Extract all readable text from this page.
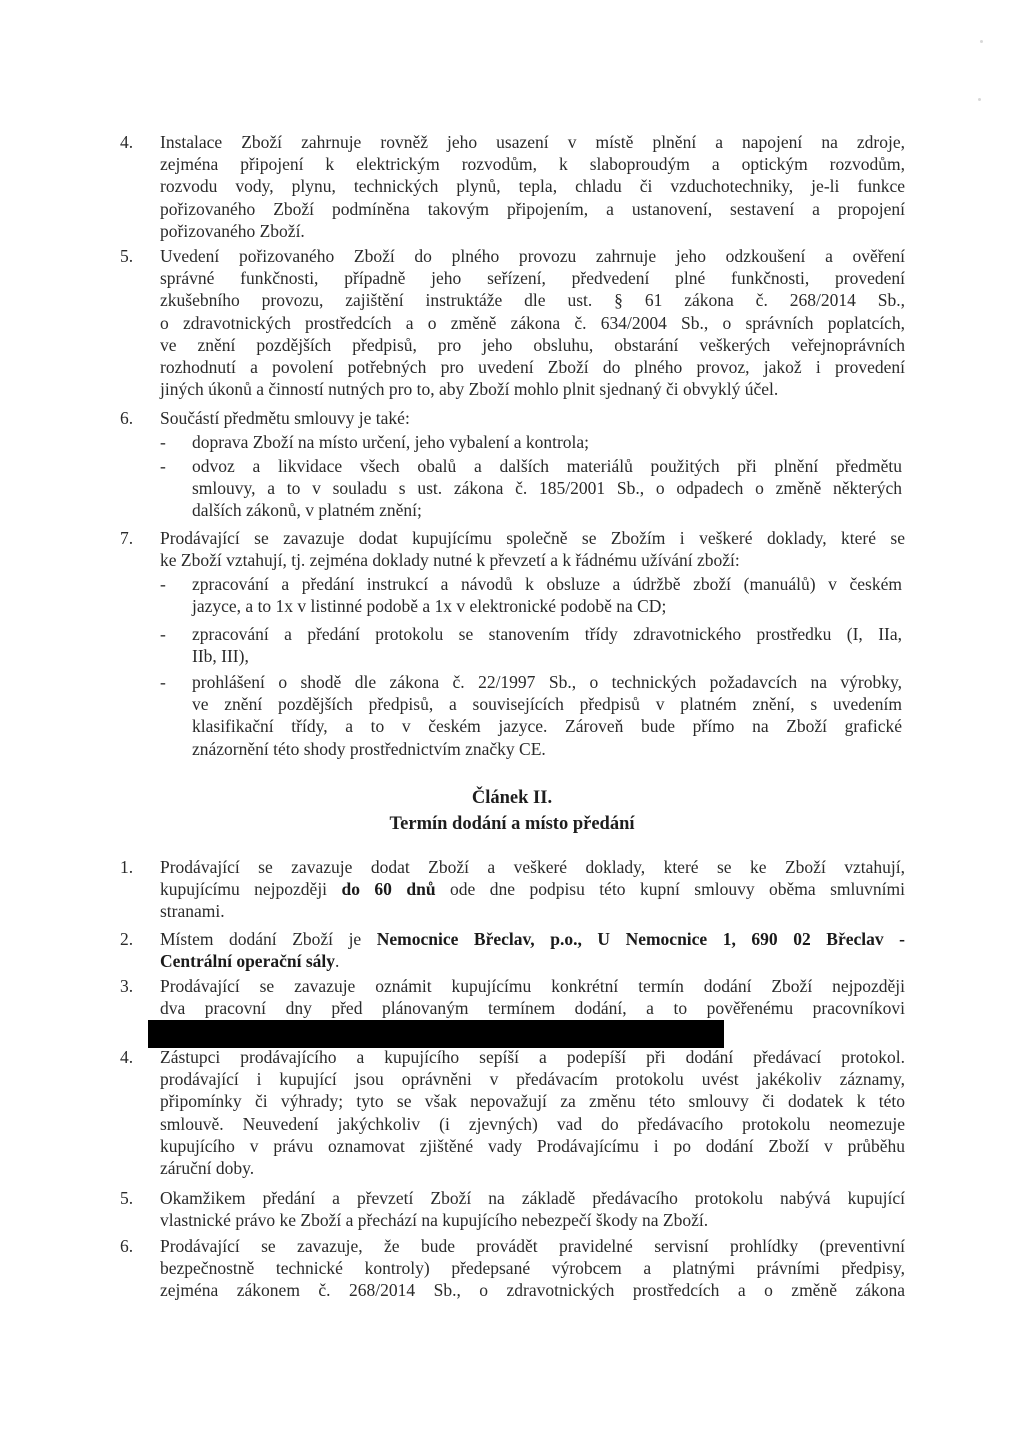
4.	Instalace Zboží zahrnuje rovněž jeho usazení v místě plnění a napojení na zdroje,
zejména připojení k elektrickým rozvodům, k slaboproudým a optickým rozvodům,
rozvodu vody, plynu, technických plynů, tepla, chladu či vzduchotechniky, je-li funkce
pořizovaného Zboží podmíněna takovým připojením, a ustanovení, sestavení a propojení
pořizovaného Zboží.
5.	Uvedení pořizovaného Zboží do plného provozu zahrnuje jeho odzkoušení a ověření
správné funkčnosti, případně jeho seřízení, předvedení plné funkčnosti, provedení
zkušebního provozu, zajištění instruktáže dle ust. § 61 zákona č. 268/2014 Sb.,
o zdravotnických prostředcích a o změně zákona č. 634/2004 Sb., o správních poplatcích,
ve znění pozdějších předpisů, pro jeho obsluhu, obstarání veškerých veřejnoprávních
rozhodnutí a povolení potřebných pro uvedení Zboží do plného provoz, jakož i provedení
jiných úkonů a činností nutných pro to, aby Zboží mohlo plnit sjednaný či obvyklý účel.
6.	Součástí předmětu smlouvy je také:
- doprava Zboží na místo určení, jeho vybalení a kontrola;
- odvoz a likvidace všech obalů a dalších materiálů použitých při plnění předmětu
smlouvy, a to v souladu s ust. zákona č. 185/2001 Sb., o odpadech o změně některých
dalších zákonů, v platném znění;
7.	Prodávající se zavazuje dodat kupujícímu společně se Zbožím i veškeré doklady, které se
ke Zboží vztahují, tj. zejména doklady nutné k převzetí a k řádnému užívání zboží:
- zpracování a předání instrukcí a návodů k obsluze a údržbě zboží (manuálů) v českém
jazyce, a to 1x v listinné podobě a 1x v elektronické podobě na CD;
- zpracování a předání protokolu se stanovením třídy zdravotnického prostředku (I, IIa,
IIb, III),
- prohlášení o shodě dle zákona č. 22/1997 Sb., o technických požadavcích na výrobky,
ve znění pozdějších předpisů, a souvisejících předpisů v platném znění, s uvedením
klasifikační třídy, a to v českém jazyce. Zároveň bude přímo na Zboží grafické
znázornění této shody prostřednictvím značky CE.
Článek II.
Termín dodání a místo předání
1.	Prodávající se zavazuje dodat Zboží a veškeré doklady, které se ke Zboží vztahují,
kupujícímu nejpozději do 60 dnů ode dne podpisu této kupní smlouvy oběma smluvními
stranami.
2.	Místem dodání Zboží je Nemocnice Břeclav, p.o., U Nemocnice 1, 690 02 Břeclav -
Centrální operační sály.
3.	Prodávající se zavazuje oznámit kupujícímu konkrétní termín dodání Zboží nejpozději
dva pracovní dny před plánovaným termínem dodání, a to pověřenému pracovníkovi
4.	Zástupci prodávajícího a kupujícího sepíší a podepíší při dodání předávací protokol.
prodávající i kupující jsou oprávněni v předávacím protokolu uvést jakékoliv záznamy,
připomínky či výhrady; tyto se však nepovažují za změnu této smlouvy či dodatek k této
smlouvě. Neuvedení jakýchkoliv (i zjevných) vad do předávacího protokolu neomezuje
kupujícího v právu oznamovat zjištěné vady Prodávajícímu i po dodání Zboží v průběhu
záruční doby.
5.	Okamžikem předání a převzetí Zboží na základě předávacího protokolu nabývá kupující
vlastnické právo ke Zboží a přechází na kupujícího nebezpečí škody na Zboží.
6.	Prodávající se zavazuje, že bude provádět pravidelné servisní prohlídky (preventivní
bezpečnostně technické kontroly) předepsané výrobcem a platnými právními předpisy,
zejména zákonem č. 268/2014 Sb., o zdravotnických prostředcích a o změně zákona
